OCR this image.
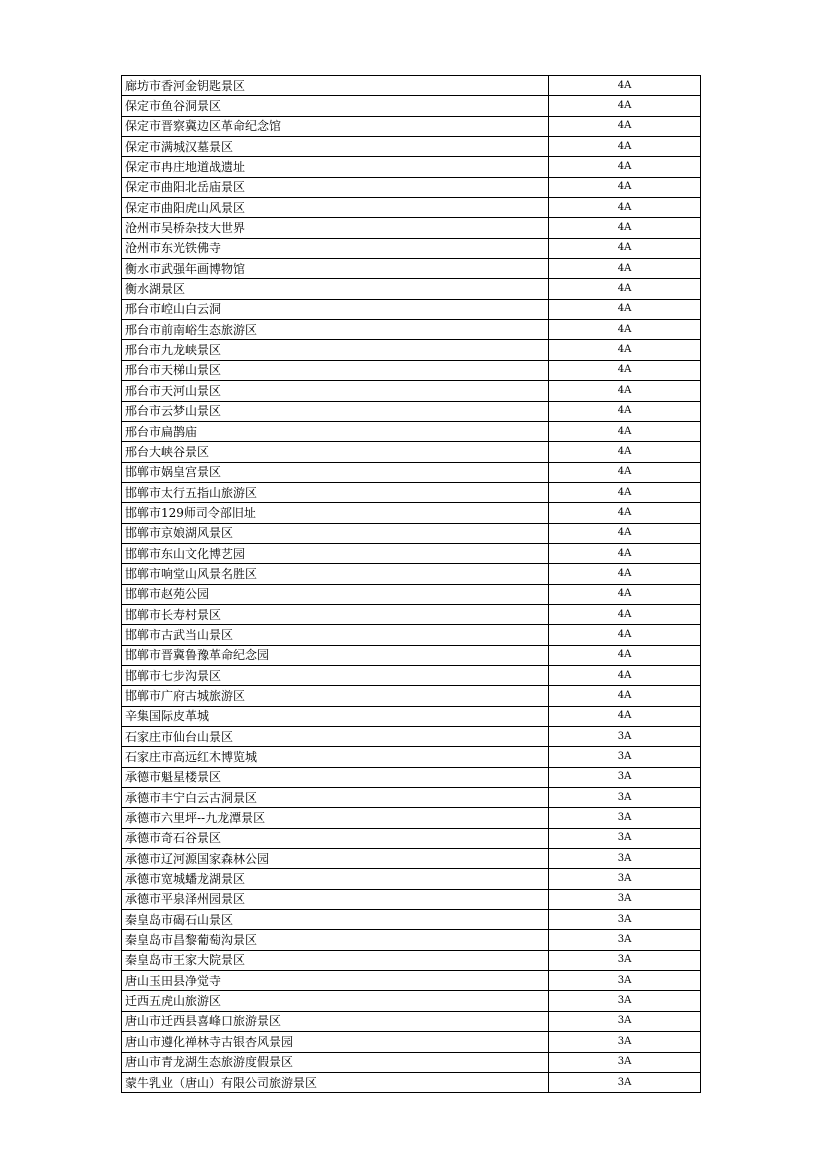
廊坊市香河金钥匙景区	4A
保定市鱼谷洞景区	4A
保定市晋察冀边区革命纪念馆	4A
保定市满城汉墓景区	4A
保定市冉庄地道战遗址	4A
保定市曲阳北岳庙景区	4A
保定市曲阳虎山风景区	4A
沧州市吴桥杂技大世界	4A
沧州市东光铁佛寺	4A
衡水市武强年画博物馆	4A
衡水湖景区	4A
邢台市崆山白云洞	4A
邢台市前南峪生态旅游区	4A
邢台市九龙峡景区	4A
邢台市天梯山景区	4A
邢台市天河山景区	4A
邢台市云梦山景区	4A
邢台市扁鹊庙	4A
邢台大峡谷景区	4A
邯郸市娲皇宫景区	4A
邯郸市太行五指山旅游区	4A
邯郸市129师司令部旧址	4A
邯郸市京娘湖风景区	4A
邯郸市东山文化博艺园	4A
邯郸市响堂山风景名胜区	4A
邯郸市赵苑公园	4A
邯郸市长寿村景区	4A
邯郸市古武当山景区	4A
邯郸市晋冀鲁豫革命纪念园	4A
邯郸市七步沟景区	4A
邯郸市广府古城旅游区	4A
辛集国际皮革城	4A
石家庄市仙台山景区	3A
石家庄市高远红木博览城	3A
承德市魁星楼景区	3A
承德市丰宁白云古洞景区	3A
承德市六里坪--九龙潭景区	3A
承德市奇石谷景区	3A
承德市辽河源国家森林公园	3A
承德市宽城蟠龙湖景区	3A
承德市平泉泽州园景区	3A
秦皇岛市碣石山景区	3A
秦皇岛市昌黎葡萄沟景区	3A
秦皇岛市王家大院景区	3A
唐山玉田县净觉寺	3A
迁西五虎山旅游区	3A
唐山市迁西县喜峰口旅游景区	3A
唐山市遵化禅林寺古银杏风景园	3A
唐山市青龙湖生态旅游度假景区	3A
蒙牛乳业（唐山）有限公司旅游景区	3A
